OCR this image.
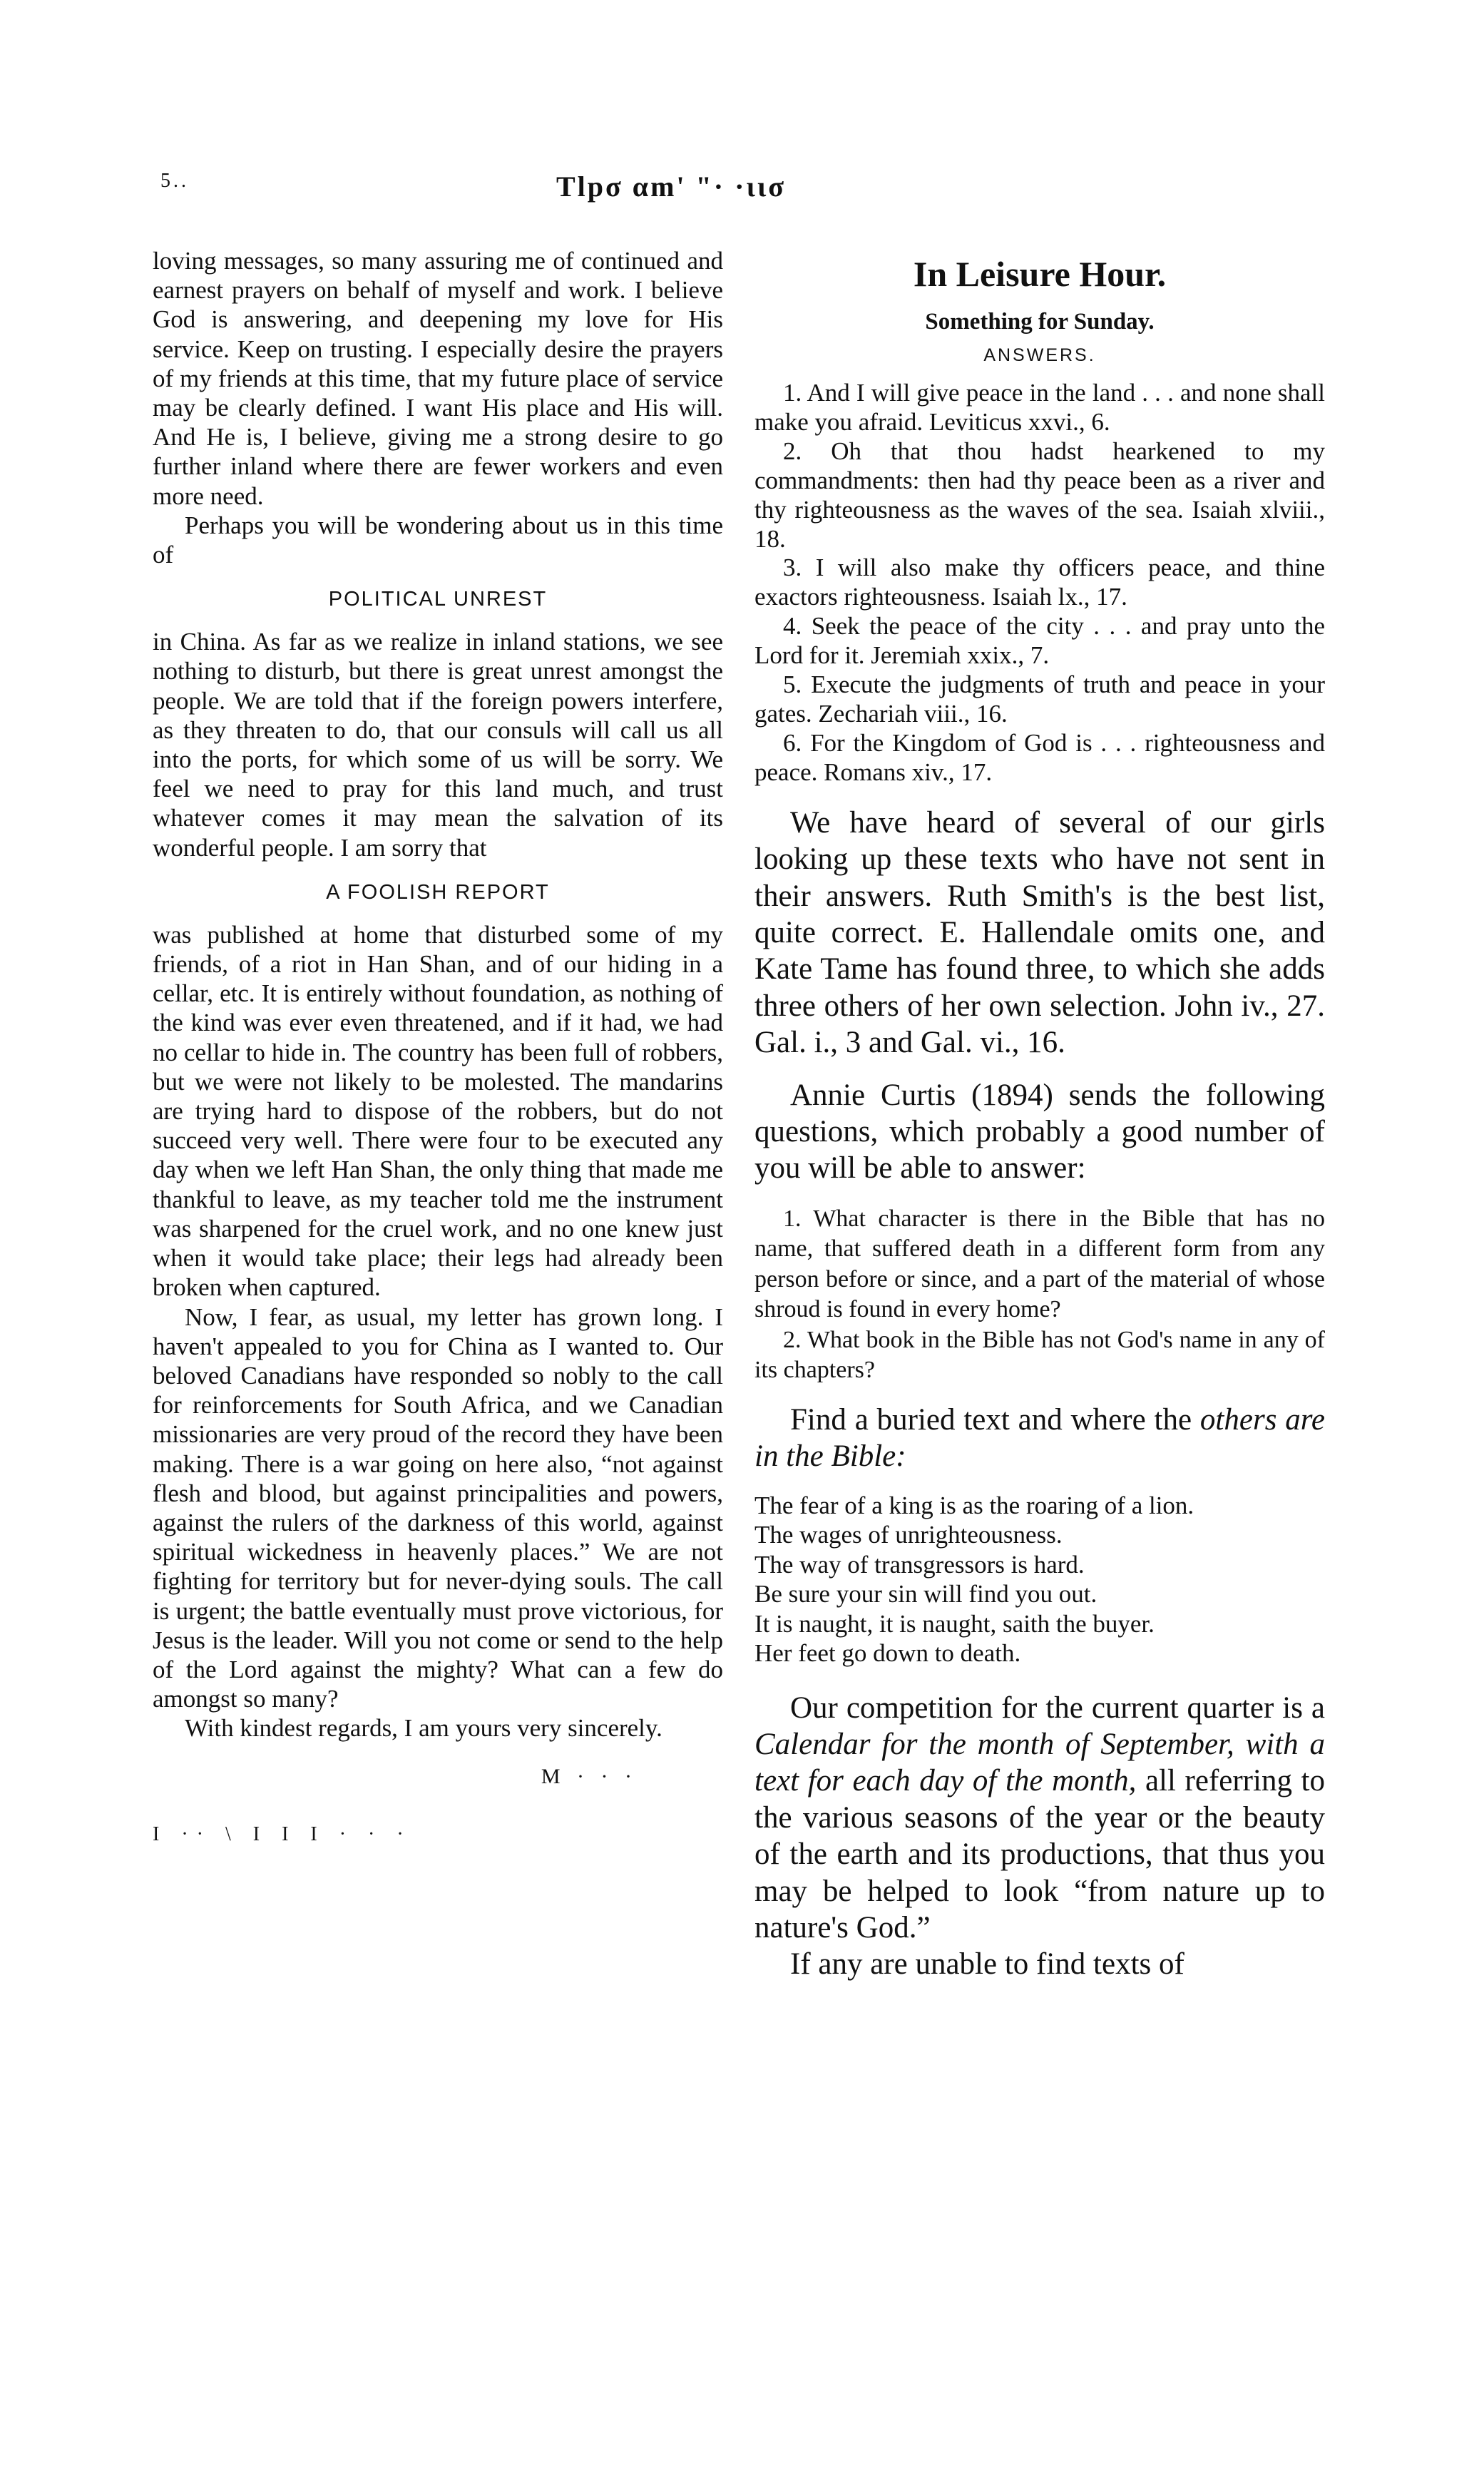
5..	Tlpσ αm' "· ·ιισ

loving messages, so many assuring me of continued and earnest prayers on behalf of myself and work. I believe God is answering, and deepening my love for His service. Keep on trusting. I especially desire the prayers of my friends at this time, that my future place of service may be clearly defined. I want His place and His will. And He is, I believe, giving me a strong desire to go further inland where there are fewer workers and even more need.

Perhaps you will be wondering about us in this time of

POLITICAL UNREST

in China. As far as we realize in inland stations, we see nothing to disturb, but there is great unrest amongst the people. We are told that if the foreign powers interfere, as they threaten to do, that our consuls will call us all into the ports, for which some of us will be sorry. We feel we need to pray for this land much, and trust whatever comes it may mean the salvation of its wonderful people. I am sorry that

A FOOLISH REPORT

was published at home that disturbed some of my friends, of a riot in Han Shan, and of our hiding in a cellar, etc. It is entirely without foundation, as nothing of the kind was ever even threatened, and if it had, we had no cellar to hide in. The country has been full of robbers, but we were not likely to be molested. The mandarins are trying hard to dispose of the robbers, but do not succeed very well. There were four to be executed any day when we left Han Shan, the only thing that made me thankful to leave, as my teacher told me the instrument was sharpened for the cruel work, and no one knew just when it would take place; their legs had already been broken when captured.

Now, I fear, as usual, my letter has grown long. I haven't appealed to you for China as I wanted to. Our beloved Canadians have responded so nobly to the call for reinforcements for South Africa, and we Canadian missionaries are very proud of the record they have been making. There is a war going on here also, “not against flesh and blood, but against principalities and powers, against the rulers of the darkness of this world, against spiritual wickedness in heavenly places.” We are not fighting for territory but for never-dying souls. The call is urgent; the battle eventually must prove victorious, for Jesus is the leader. Will you not come or send to the help of the Lord against the mighty? What can a few do amongst so many?

With kindest regards, I am yours very sincerely.

M · · ·
I ·· \ I I I · · ·
In Leisure Hour.
Something for Sunday.
ANSWERS.

1. And I will give peace in the land . . . and none shall make you afraid. Leviticus xxvi., 6.

2. Oh that thou hadst hearkened to my commandments: then had thy peace been as a river and thy righteousness as the waves of the sea. Isaiah xlviii., 18.

3. I will also make thy officers peace, and thine exactors righteousness. Isaiah lx., 17.

4. Seek the peace of the city . . . and pray unto the Lord for it. Jeremiah xxix., 7.

5. Execute the judgments of truth and peace in your gates. Zechariah viii., 16.

6. For the Kingdom of God is . . . righteousness and peace. Romans xiv., 17.

We have heard of several of our girls looking up these texts who have not sent in their answers. Ruth Smith's is the best list, quite correct. E. Hallendale omits one, and Kate Tame has found three, to which she adds three others of her own selection. John iv., 27. Gal. i., 3 and Gal. vi., 16.

Annie Curtis (1894) sends the following questions, which probably a good number of you will be able to answer:

1. What character is there in the Bible that has no name, that suffered death in a different form from any person before or since, and a part of the material of whose shroud is found in every home?

2. What book in the Bible has not God's name in any of its chapters?

Find a buried text and where the others are in the Bible:

The fear of a king is as the roaring of a lion.

The wages of unrighteousness.

The way of transgressors is hard.

Be sure your sin will find you out.

It is naught, it is naught, saith the buyer.

Her feet go down to death.

Our competition for the current quarter is a Calendar for the month of September, with a text for each day of the month, all referring to the various seasons of the year or the beauty of the earth and its productions, that thus you may be helped to look “from nature up to nature's God.”

If any are unable to find texts of
